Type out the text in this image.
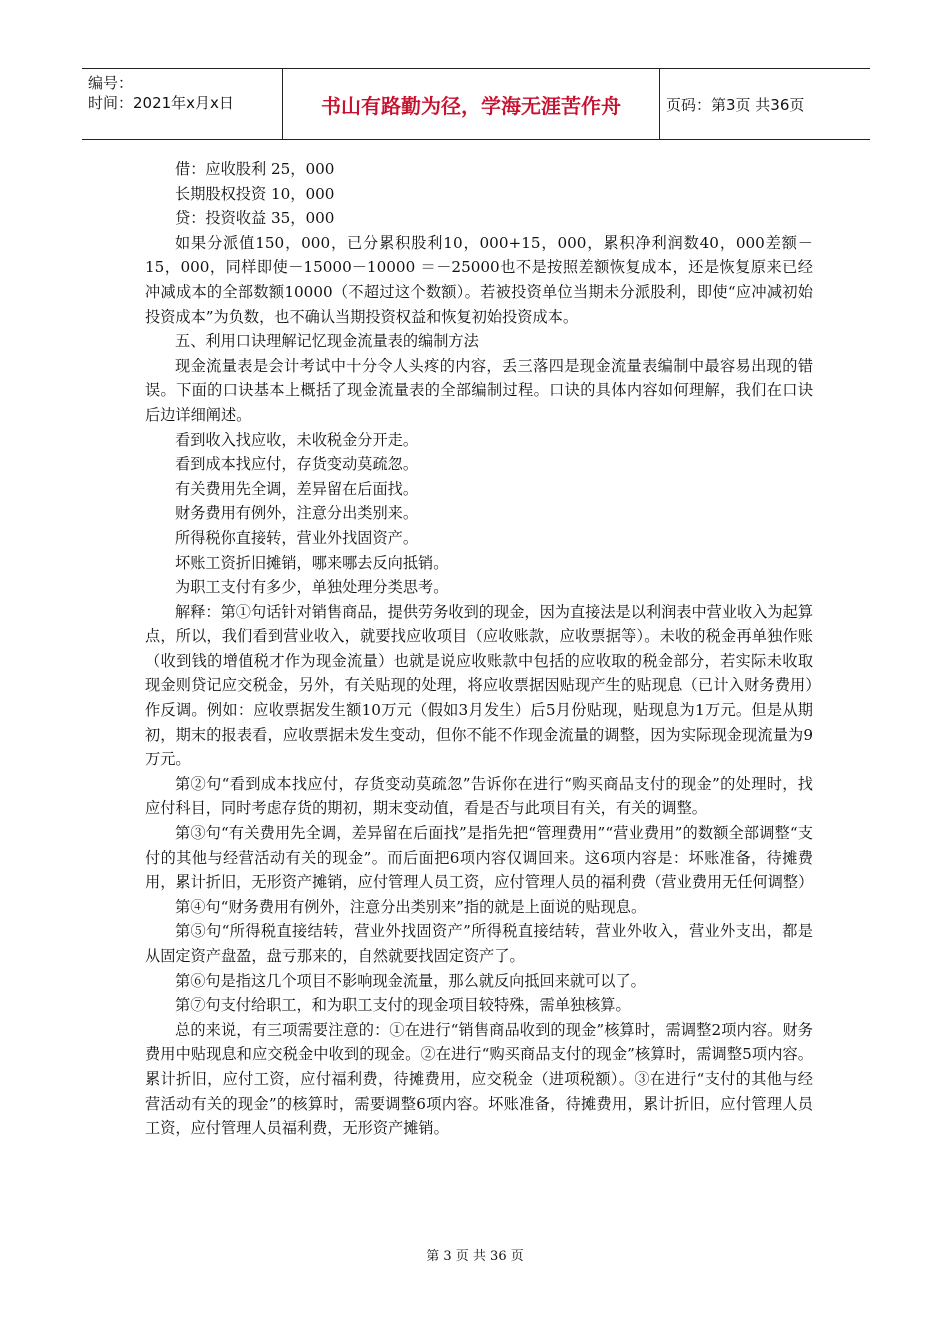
编号：
时间：2021年x月x日	书山有路勤为径，学海无涯苦作舟	页码：第3页 共36页

借：应收股利 25，000

长期股权投资 10，000

贷：投资收益 35，000

如果分派值150，000，已分累积股利10，000+15，000，累积净利润数40，000差额－15，000，同样即使－15000－10000 ＝－25000也不是按照差额恢复成本，还是恢复原来已经冲减成本的全部数额10000（不超过这个数额）。若被投资单位当期未分派股利，即使“应冲减初始投资成本”为负数，也不确认当期投资权益和恢复初始投资成本。

五、利用口诀理解记忆现金流量表的编制方法

现金流量表是会计考试中十分令人头疼的内容，丢三落四是现金流量表编制中最容易出现的错误。下面的口诀基本上概括了现金流量表的全部编制过程。口诀的具体内容如何理解，我们在口诀后边详细阐述。

看到收入找应收，未收税金分开走。

看到成本找应付，存货变动莫疏忽。

有关费用先全调，差异留在后面找。

财务费用有例外，注意分出类别来。

所得税你直接转，营业外找固资产。

坏账工资折旧摊销，哪来哪去反向抵销。

为职工支付有多少，单独处理分类思考。

解释：第①句话针对销售商品，提供劳务收到的现金，因为直接法是以利润表中营业收入为起算点，所以，我们看到营业收入，就要找应收项目（应收账款，应收票据等）。未收的税金再单独作账（收到钱的增值税才作为现金流量）也就是说应收账款中包括的应收取的税金部分，若实际未收取现金则贷记应交税金，另外，有关贴现的处理，将应收票据因贴现产生的贴现息（已计入财务费用）作反调。例如：应收票据发生额10万元（假如3月发生）后5月份贴现，贴现息为1万元。但是从期初，期末的报表看，应收票据未发生变动，但你不能不作现金流量的调整，因为实际现金现流量为9万元。

第②句“看到成本找应付，存货变动莫疏忽”告诉你在进行“购买商品支付的现金”的处理时，找应付科目，同时考虑存货的期初，期末变动值，看是否与此项目有关，有关的调整。

第③句“有关费用先全调，差异留在后面找”是指先把“管理费用”“营业费用”的数额全部调整“支付的其他与经营活动有关的现金”。而后面把6项内容仅调回来。这6项内容是：坏账准备，待摊费用，累计折旧，无形资产摊销，应付管理人员工资，应付管理人员的福利费（营业费用无任何调整）

第④句“财务费用有例外，注意分出类别来”指的就是上面说的贴现息。

第⑤句“所得税直接结转，营业外找固资产”所得税直接结转，营业外收入，营业外支出，都是从固定资产盘盈，盘亏那来的，自然就要找固定资产了。

第⑥句是指这几个项目不影响现金流量，那么就反向抵回来就可以了。

第⑦句支付给职工，和为职工支付的现金项目较特殊，需单独核算。

总的来说，有三项需要注意的：①在进行“销售商品收到的现金”核算时，需调整2项内容。财务费用中贴现息和应交税金中收到的现金。②在进行“购买商品支付的现金”核算时，需调整5项内容。累计折旧，应付工资，应付福利费，待摊费用，应交税金（进项税额）。③在进行“支付的其他与经营活动有关的现金”的核算时，需要调整6项内容。坏账准备，待摊费用，累计折旧，应付管理人员工资，应付管理人员福利费，无形资产摊销。

第 3 页 共 36 页
